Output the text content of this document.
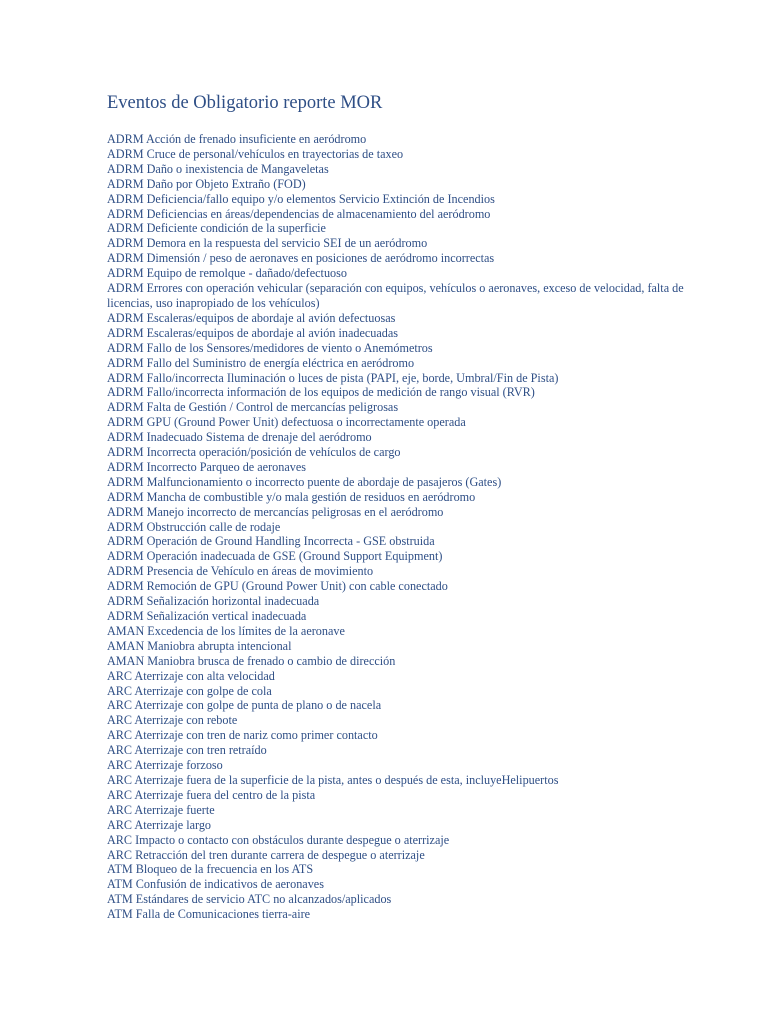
Eventos de Obligatorio reporte MOR
ADRM Acción de frenado insuficiente en aeródromo
ADRM Cruce de personal/vehículos en trayectorias de taxeo
ADRM Daño o inexistencia de Mangaveletas
ADRM Daño por Objeto Extraño (FOD)
ADRM Deficiencia/fallo equipo y/o elementos Servicio Extinción de Incendios
ADRM Deficiencias en áreas/dependencias de almacenamiento del aeródromo
ADRM Deficiente condición de la superficie
ADRM Demora en la respuesta del servicio SEI de un aeródromo
ADRM Dimensión / peso de aeronaves en posiciones de aeródromo incorrectas
ADRM Equipo de remolque - dañado/defectuoso
ADRM Errores con operación vehicular (separación con equipos, vehículos o aeronaves, exceso de velocidad, falta de licencias, uso inapropiado de los vehículos)
ADRM Escaleras/equipos de abordaje al avión defectuosas
ADRM Escaleras/equipos de abordaje al avión inadecuadas
ADRM Fallo de los Sensores/medidores de viento o Anemómetros
ADRM Fallo del Suministro de energía eléctrica en aeródromo
ADRM Fallo/incorrecta Iluminación o luces de pista (PAPI, eje, borde, Umbral/Fin de Pista)
ADRM Fallo/incorrecta información de los equipos de medición de rango visual (RVR)
ADRM Falta de Gestión / Control de mercancías peligrosas
ADRM GPU (Ground Power Unit) defectuosa o incorrectamente operada
ADRM Inadecuado Sistema de drenaje del aeródromo
ADRM Incorrecta operación/posición de vehículos de cargo
ADRM Incorrecto Parqueo de aeronaves
ADRM Malfuncionamiento o incorrecto puente de abordaje de pasajeros (Gates)
ADRM Mancha de combustible y/o mala gestión de residuos en aeródromo
ADRM Manejo incorrecto de mercancías peligrosas en el aeródromo
ADRM Obstrucción calle de rodaje
ADRM Operación de Ground Handling Incorrecta - GSE obstruida
ADRM Operación inadecuada de GSE (Ground Support Equipment)
ADRM Presencia de Vehículo en áreas de movimiento
ADRM Remoción de GPU (Ground Power Unit) con cable conectado
ADRM Señalización horizontal inadecuada
ADRM Señalización vertical inadecuada
AMAN Excedencia de los límites de la aeronave
AMAN Maniobra abrupta intencional
AMAN Maniobra brusca de frenado o cambio de dirección
ARC Aterrizaje con alta velocidad
ARC Aterrizaje con golpe de cola
ARC Aterrizaje con golpe de punta de plano o de nacela
ARC Aterrizaje con rebote
ARC Aterrizaje con tren de nariz como primer contacto
ARC Aterrizaje con tren retraído
ARC Aterrizaje forzoso
ARC Aterrizaje fuera de la superficie de la pista, antes o después de esta, incluyeHelipuertos
ARC Aterrizaje fuera del centro de la pista
ARC Aterrizaje fuerte
ARC Aterrizaje largo
ARC Impacto o contacto con obstáculos durante despegue o aterrizaje
ARC Retracción del tren durante carrera de despegue o aterrizaje
ATM Bloqueo de la frecuencia en los ATS
ATM Confusión de indicativos de aeronaves
ATM Estándares de servicio ATC no alcanzados/aplicados
ATM Falla de Comunicaciones tierra-aire
